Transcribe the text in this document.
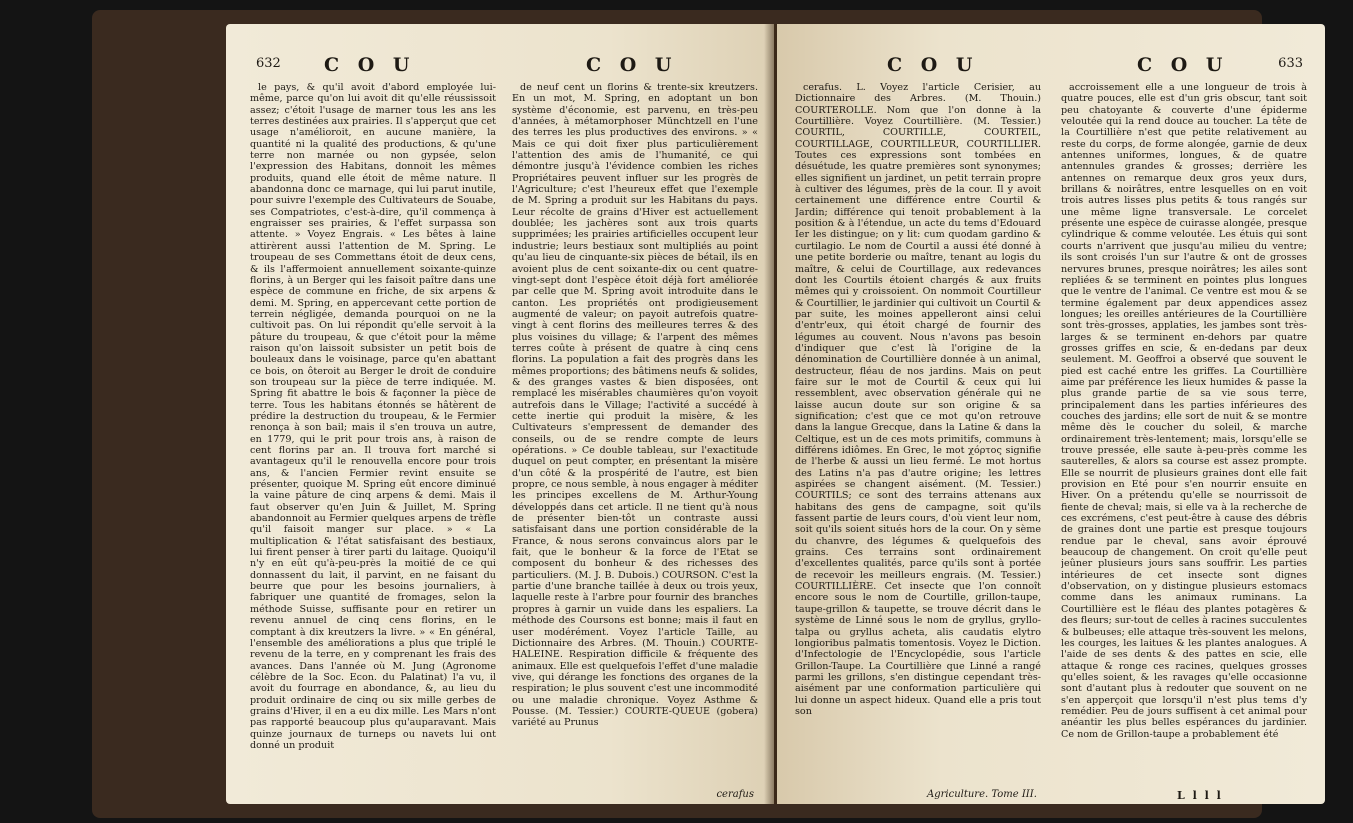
632 C O U	C O U

le pays, & qu'il avoit d'abord employée lui-même, parce qu'on lui avoit dit qu'elle réussissoit assez; c'étoit l'usage de marner tous les ans les terres destinées aux prairies. Il s'apperçut que cet usage n'amélioroit, en aucune manière, la quantité ni la qualité des productions, & qu'une terre non marnée ou non gypsée, selon l'expression des Habitans, donnoit les mêmes produits, quand elle étoit de même nature. Il abandonna donc ce marnage, qui lui parut inutile, pour suivre l'exemple des Cultivateurs de Souabe, ses Compatriotes, c'est-à-dire, qu'il commença à engraisser ses prairies, & l'effet surpassa son attente. » Voyez Engrais. « Les bêtes à laine attirèrent aussi l'attention de M. Spring. Le troupeau de ses Commettans étoit de deux cens, & ils l'affermoient annuellement soixante-quinze florins, à un Berger qui les faisoit paître dans une espèce de commune en friche, de six arpens & demi. M. Spring, en appercevant cette portion de terrein négligée, demanda pourquoi on ne la cultivoit pas. On lui répondit qu'elle servoit à la pâture du troupeau, & que c'étoit pour la même raison qu'on laissoit subsister un petit bois de bouleaux dans le voisinage, parce qu'en abattant ce bois, on ôteroit au Berger le droit de conduire son troupeau sur la pièce de terre indiquée. M. Spring fit abattre le bois & façonner la pièce de terre. Tous les habitans étonnés se hâtèrent de prédire la destruction du troupeau, & le Fermier renonça à son bail; mais il s'en trouva un autre, en 1779, qui le prit pour trois ans, à raison de cent florins par an. Il trouva fort marché si avantageux qu'il le renouvella encore pour trois ans, & l'ancien Fermier revint ensuite se présenter, quoique M. Spring eût encore diminué la vaine pâture de cinq arpens & demi. Mais il faut observer qu'en Juin & Juillet, M. Spring abandonnoit au Fermier quelques arpens de trèfle qu'il faisoit manger sur place. » « La multiplication & l'état satisfaisant des bestiaux, lui firent penser à tirer parti du laitage. Quoiqu'il n'y en eût qu'à-peu-près la moitié de ce qui donnassent du lait, il parvint, en ne faisant du beurre que pour les besoins journaliers, à fabriquer une quantité de fromages, selon la méthode Suisse, suffisante pour en retirer un revenu annuel de cinq cens florins, en le comptant à dix kreutzers la livre. » « En général, l'ensemble des améliorations a plus que triplé le revenu de la terre, en y comprenant les frais des avances. Dans l'année où M. Jung (Agronome célèbre de la Soc. Econ. du Palatinat) l'a vu, il avoit du fourrage en abondance, &, au lieu du produit ordinaire de cinq ou six mille gerbes de grains d'Hiver, il en a eu dix mille. Les Mars n'ont pas rapporté beaucoup plus qu'auparavant. Mais quinze journaux de turneps ou navets lui ont donné un produit

de neuf cent un florins & trente-six kreutzers. En un mot, M. Spring, en adoptant un bon système d'économie, est parvenu, en très-peu d'années, à métamorphoser Münchtzell en l'une des terres les plus productives des environs. » « Mais ce qui doit fixer plus particulièrement l'attention des amis de l'humanité, ce qui démontre jusqu'à l'évidence combien les riches Propriétaires peuvent influer sur les progrès de l'Agriculture; c'est l'heureux effet que l'exemple de M. Spring a produit sur les Habitans du pays. Leur récolte de grains d'Hiver est actuellement doublée; les jachères sont aux trois quarts supprimées; les prairies artificielles occupent leur industrie; leurs bestiaux sont multipliés au point qu'au lieu de cinquante-six pièces de bétail, ils en avoient plus de cent soixante-dix ou cent quatre-vingt-sept dont l'espèce étoit déjà fort améliorée par celle que M. Spring avoit introduite dans le canton. Les propriétés ont prodigieusement augmenté de valeur; on payoit autrefois quatre-vingt à cent florins des meilleures terres & des plus voisines du village; & l'arpent des mêmes terres coûte à présent de quatre à cinq cens florins. La population a fait des progrès dans les mêmes proportions; des bâtimens neufs & solides, & des granges vastes & bien disposées, ont remplacé les misérables chaumières qu'on voyoit autrefois dans le Village; l'activité a succédé à cette inertie qui produit la misère, & les Cultivateurs s'empressent de demander des conseils, ou de se rendre compte de leurs opérations. » Ce double tableau, sur l'exactitude duquel on peut compter, en présentant la misère d'un côté & la prospérité de l'autre, est bien propre, ce nous semble, à nous engager à méditer les principes excellens de M. Arthur-Young développés dans cet article. Il ne tient qu'à nous de présenter bien-tôt un contraste aussi satisfaisant dans une portion considérable de la France, & nous serons convaincus alors par le fait, que le bonheur & la force de l'Etat se composent du bonheur & des richesses des particuliers. (M. J. B. Dubois.) COURSON. C'est la partie d'une branche taillée à deux ou trois yeux, laquelle reste à l'arbre pour fournir des branches propres à garnir un vuide dans les espaliers. La méthode des Coursons est bonne; mais il faut en user modérément. Voyez l'article Taille, au Dictionnaire des Arbres. (M. Thouin.) COURTE-HALEINE. Respiration difficile & fréquente des animaux. Elle est quelquefois l'effet d'une maladie vive, qui dérange les fonctions des organes de la respiration; le plus souvent c'est une incommodité ou une maladie chronique. Voyez Asthme & Pousse. (M. Tessier.) COURTE-QUEUE (gobera) variété au Prunus

cerafus
C O U	C O U	633

cerafus. L. Voyez l'article Cerisier, au Dictionnaire des Arbres. (M. Thouin.) COURTEROLLE. Nom que l'on donne à la Courtillière. Voyez Courtillière. (M. Tessier.) COURTIL, COURTILLE, COURTEIL, COURTILLAGE, COURTILLEUR, COURTILLIER. Toutes ces expressions sont tombées en désuétude, les quatre premières sont synonymes; elles signifient un jardinet, un petit terrain propre à cultiver des légumes, près de la cour. Il y avoit certainement une différence entre Courtil & Jardin; différence qui tenoit probablement à la position & à l'étendue, un acte du tems d'Edouard Ier les distingue; on y lit: cum quodam gardino & curtilagio. Le nom de Courtil a aussi été donné à une petite borderie ou maître, tenant au logis du maître, & celui de Courtillage, aux redevances dont les Courtils étoient chargés & aux fruits mêmes qui y croissoient. On nommoit Courtilleur & Courtillier, le jardinier qui cultivoit un Courtil & par suite, les moines appelleront ainsi celui d'entr'eux, qui étoit chargé de fournir des légumes au couvent. Nous n'avons pas besoin d'indiquer que c'est là l'origine de la dénomination de Courtillière donnée à un animal, destructeur, fléau de nos jardins. Mais on peut faire sur le mot de Courtil & ceux qui lui ressemblent, avec observation générale qui ne laisse aucun doute sur son origine & sa signification; c'est que ce mot qu'on retrouve dans la langue Grecque, dans la Latine & dans la Celtique, est un de ces mots primitifs, communs à différens idiômes. En Grec, le mot χόρτος signifie de l'herbe & aussi un lieu fermé. Le mot hortus des Latins n'a pas d'autre origine; les lettres aspirées se changent aisément. (M. Tessier.) COURTILS; ce sont des terrains attenans aux habitans des gens de campagne, soit qu'ils fassent partie de leurs cours, d'où vient leur nom, soit qu'ils soient situés hors de la cour. On y sème du chanvre, des légumes & quelquefois des grains. Ces terrains sont ordinairement d'excellentes qualités, parce qu'ils sont à portée de recevoir les meilleurs engrais. (M. Tessier.) COURTILLIÈRE. Cet insecte que l'on connoît encore sous le nom de Courtille, grillon-taupe, taupe-grillon & taupette, se trouve décrit dans le système de Linné sous le nom de gryllus, gryllo-talpa ou gryllus acheta, alis caudatis elytro longioribus palmatis tomentosis. Voyez le Diction. d'Infectologie de l'Encyclopédie, sous l'article Grillon-Taupe. La Courtillière que Linné a rangé parmi les grillons, s'en distingue cependant très-aisément par une conformation particulière qui lui donne un aspect hideux. Quand elle a pris tout son

accroissement elle a une longueur de trois à quatre pouces, elle est d'un gris obscur, tant soit peu chatoyante & couverte d'une épiderme veloutée qui la rend douce au toucher. La tête de la Courtillière n'est que petite relativement au reste du corps, de forme alongée, garnie de deux antennes uniformes, longues, & de quatre antennules grandes & grosses; derrière les antennes on remarque deux gros yeux durs, brillans & noirâtres, entre lesquelles on en voit trois autres lisses plus petits & tous rangés sur une même ligne transversale. Le corcelet présente une espèce de cuirasse alongée, presque cylindrique & comme veloutée. Les étuis qui sont courts n'arrivent que jusqu'au milieu du ventre; ils sont croisés l'un sur l'autre & ont de grosses nervures brunes, presque noirâtres; les ailes sont repliées & se terminent en pointes plus longues que le ventre de l'animal. Ce ventre est mou & se termine également par deux appendices assez longues; les oreilles antérieures de la Courtillière sont très-grosses, applaties, les jambes sont très-larges & se terminent en-dehors par quatre grosses griffes en scie, & en-dedans par deux seulement. M. Geoffroi a observé que souvent le pied est caché entre les griffes. La Courtillière aime par préférence les lieux humides & passe la plus grande partie de sa vie sous terre, principalement dans les parties inférieures des couches des jardins; elle sort de nuit & se montre même dès le coucher du soleil, & marche ordinairement très-lentement; mais, lorsqu'elle se trouve pressée, elle saute à-peu-près comme les sauterelles, & alors sa course est assez prompte. Elle se nourrit de plusieurs graines dont elle fait provision en Eté pour s'en nourrir ensuite en Hiver. On a prétendu qu'elle se nourrissoit de fiente de cheval; mais, si elle va à la recherche de ces excrémens, c'est peut-être à cause des débris de graines dont une partie est presque toujours rendue par le cheval, sans avoir éprouvé beaucoup de changement. On croit qu'elle peut jeûner plusieurs jours sans souffrir. Les parties intérieures de cet insecte sont dignes d'observation, on y distingue plusieurs estomacs comme dans les animaux ruminans. La Courtillière est le fléau des plantes potagères & des fleurs; sur-tout de celles à racines succulentes & bulbeuses; elle attaque très-souvent les melons, les courges, les laitues & les plantes analogues. A l'aide de ses dents & des pattes en scie, elle attaque & ronge ces racines, quelques grosses qu'elles soient, & les ravages qu'elle occasionne sont d'autant plus à redouter que souvent on ne s'en apperçoit que lorsqu'il n'est plus tems d'y remédier. Peu de jours suffisent à cet animal pour anéantir les plus belles espérances du jardinier. Ce nom de Grillon-taupe a probablement été

Agriculture. Tome III.	L l l l
